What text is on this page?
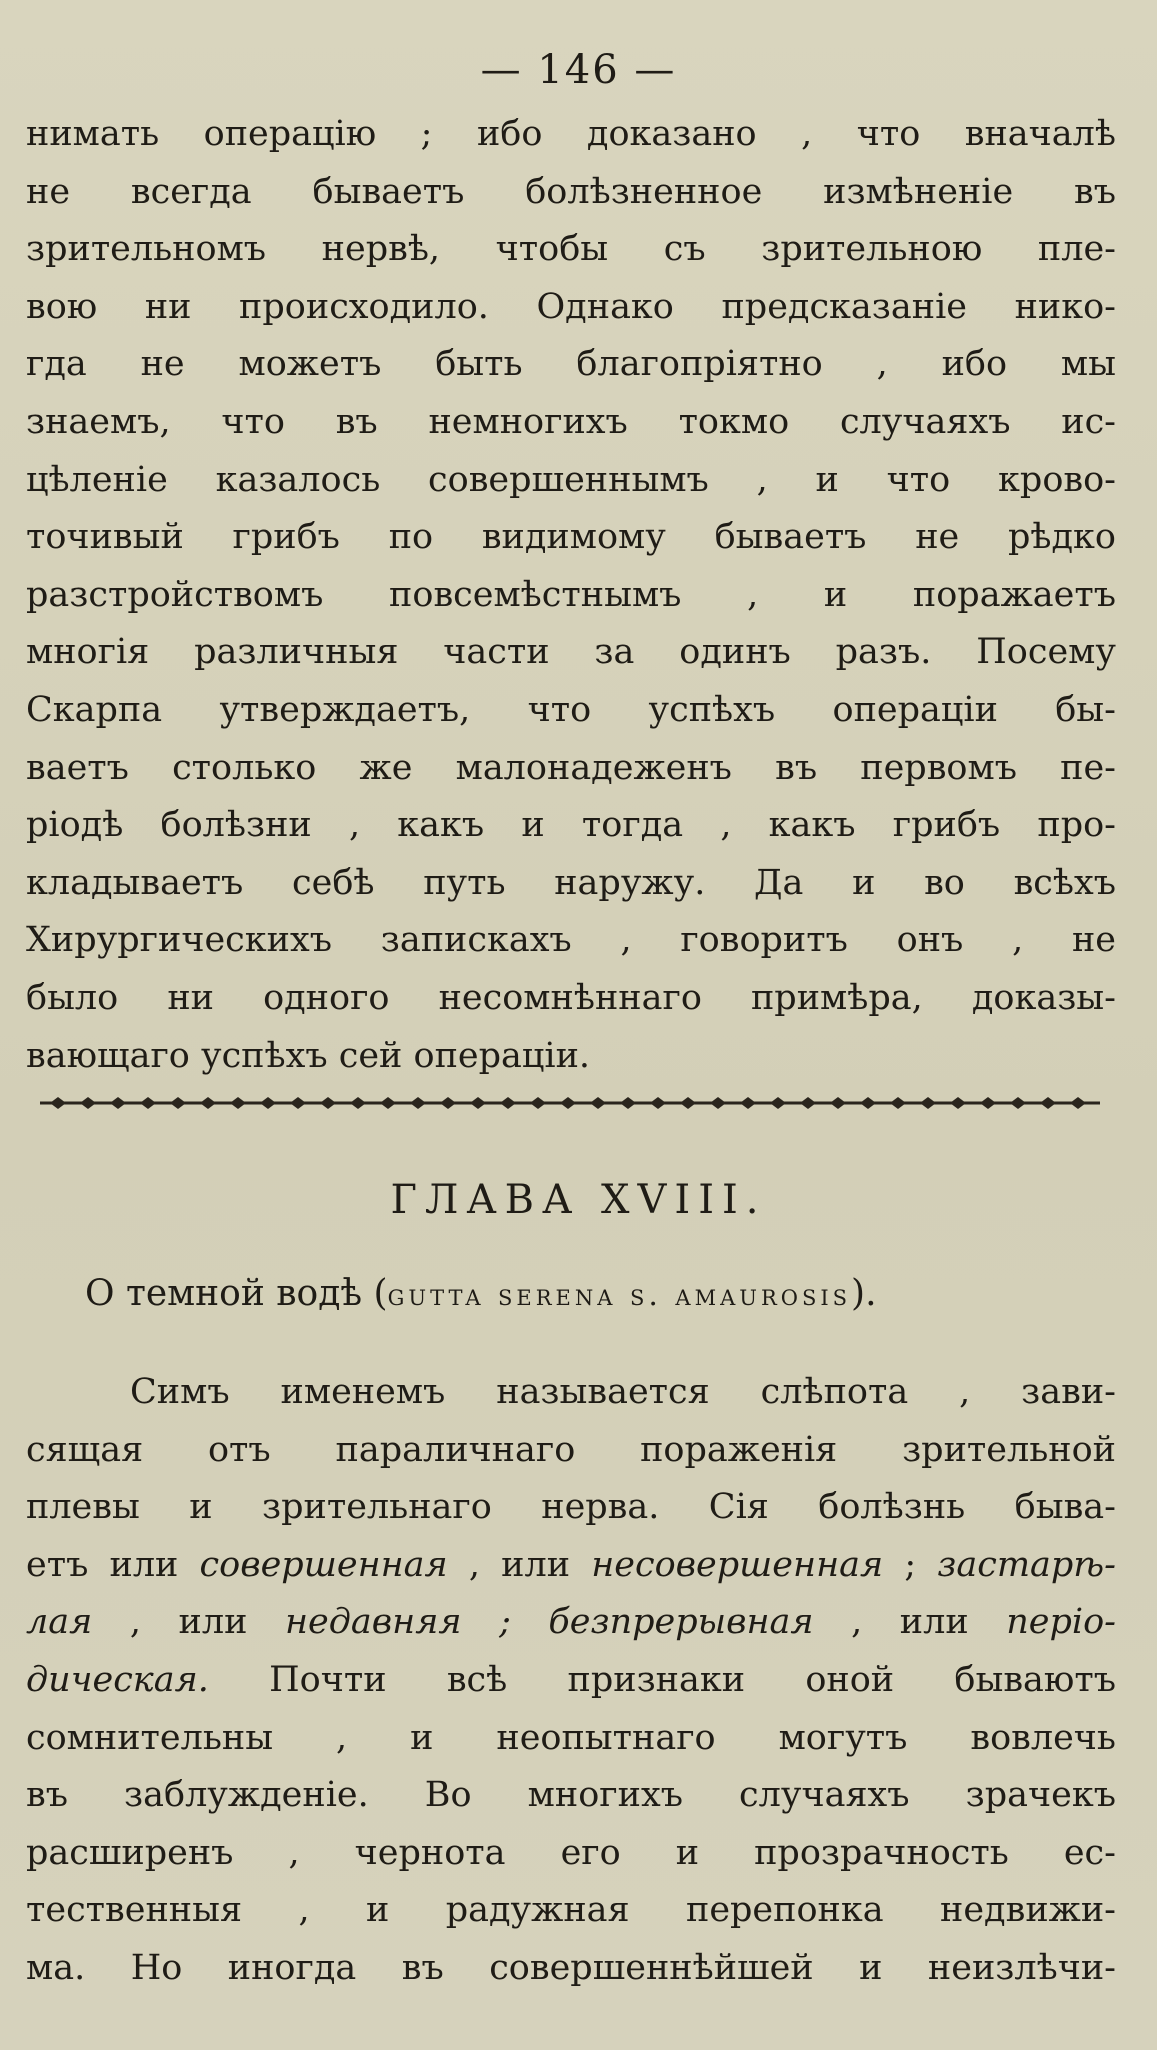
— 146 —
нимать операцію ; ибо доказано , что вначалѣ
не всегда бываетъ болѣзненное измѣненіе въ
зрительномъ нервѣ, чтобы съ зрительною пле-
вою ни происходило. Однако предсказаніе нико-
гда не можетъ быть благопріятно , ибо мы
знаемъ, что въ немногихъ токмо случаяхъ ис-
цѣленіе казалось совершеннымъ , и что крово-
точивый грибъ по видимому бываетъ не рѣдко
разстройствомъ повсемѣстнымъ , и поражаетъ
многія различныя части за одинъ разъ. Посему
Скарпа утверждаетъ, что успѣхъ операціи бы-
ваетъ столько же малонадеженъ въ первомъ пе-
ріодѣ болѣзни , какъ и тогда , какъ грибъ про-
кладываетъ себѣ путь наружу. Да и во всѣхъ
Хирургическихъ запискахъ , говоритъ онъ , не
было ни одного несомнѣннаго примѣра, доказы-
вающаго успѣхъ сей операціи.
ГЛАВА XVIII.
О темной водѣ (gutta serena s. amaurosis).
Симъ именемъ называется слѣпота , зави-
сящая отъ параличнаго пораженія зрительной
плевы и зрительнаго нерва. Сія болѣзнь быва-
етъ или совершенная , или несовершенная ; застарѣ-
лая , или недавняя ; безпрерывная , или періо-
дическая. Почти всѣ признаки оной бываютъ
сомнительны , и неопытнаго могутъ вовлечь
въ заблужденіе. Во многихъ случаяхъ зрачекъ
расширенъ , чернота его и прозрачность ес-
тественныя , и радужная перепонка недвижи-
ма. Но иногда въ совершеннѣйшей и неизлѣчи-
